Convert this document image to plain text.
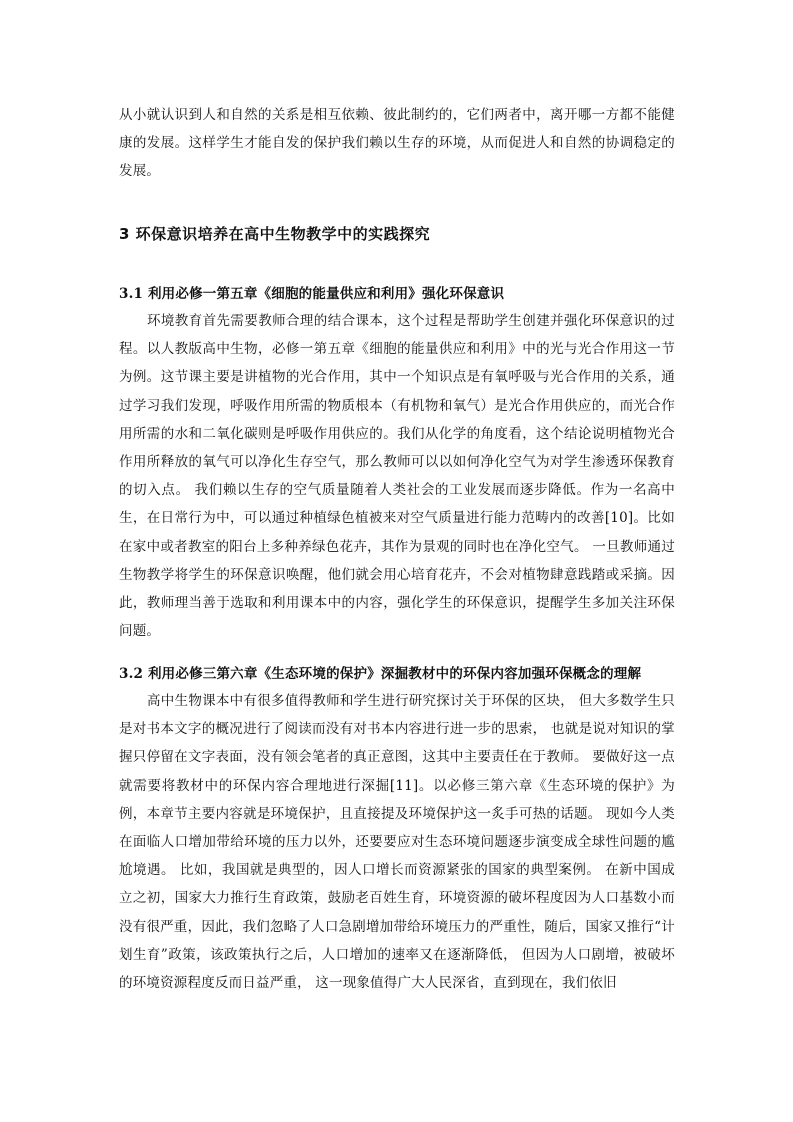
从小就认识到人和自然的关系是相互依赖、彼此制约的，它们两者中，离开哪一方都不能健康的发展。这样学生才能自发的保护我们赖以生存的环境，从而促进人和自然的协调稳定的发展。

3 环保意识培养在高中生物教学中的实践探究
3.1 利用必修一第五章《细胞的能量供应和利用》强化环保意识

环境教育首先需要教师合理的结合课本，这个过程是帮助学生创建并强化环保意识的过程。以人教版高中生物，必修一第五章《细胞的能量供应和利用》中的光与光合作用这一节为例。这节课主要是讲植物的光合作用，其中一个知识点是有氧呼吸与光合作用的关系，通过学习我们发现，呼吸作用所需的物质根本（有机物和氧气）是光合作用供应的，而光合作用所需的水和二氧化碳则是呼吸作用供应的。我们从化学的角度看，这个结论说明植物光合作用所释放的氧气可以净化生存空气，那么教师可以以如何净化空气为对学生渗透环保教育的切入点。 我们赖以生存的空气质量随着人类社会的工业发展而逐步降低。作为一名高中生，在日常行为中，可以通过种植绿色植被来对空气质量进行能力范畴内的改善[10]。比如在家中或者教室的阳台上多种养绿色花卉，其作为景观的同时也在净化空气。 一旦教师通过生物教学将学生的环保意识唤醒，他们就会用心培育花卉，不会对植物肆意践踏或采摘。因此，教师理当善于选取和利用课本中的内容，强化学生的环保意识，提醒学生多加关注环保问题。

3.2 利用必修三第六章《生态环境的保护》深掘教材中的环保内容加强环保概念的理解

高中生物课本中有很多值得教师和学生进行研究探讨关于环保的区块， 但大多数学生只是对书本文字的概况进行了阅读而没有对书本内容进行进一步的思索， 也就是说对知识的掌握只停留在文字表面，没有领会笔者的真正意图，这其中主要责任在于教师。 要做好这一点就需要将教材中的环保内容合理地进行深掘[11]。以必修三第六章《生态环境的保护》为例，本章节主要内容就是环境保护，且直接提及环境保护这一炙手可热的话题。 现如今人类在面临人口增加带给环境的压力以外，还要要应对生态环境问题逐步演变成全球性问题的尴尬境遇。 比如，我国就是典型的，因人口增长而资源紧张的国家的典型案例。 在新中国成立之初，国家大力推行生育政策，鼓励老百姓生育，环境资源的破坏程度因为人口基数小而没有很严重，因此，我们忽略了人口急剧增加带给环境压力的严重性，随后，国家又推行“计划生育”政策，该政策执行之后，人口增加的速率又在逐渐降低， 但因为人口剧增，被破坏的环境资源程度反而日益严重， 这一现象值得广大人民深省，直到现在，我们依旧
